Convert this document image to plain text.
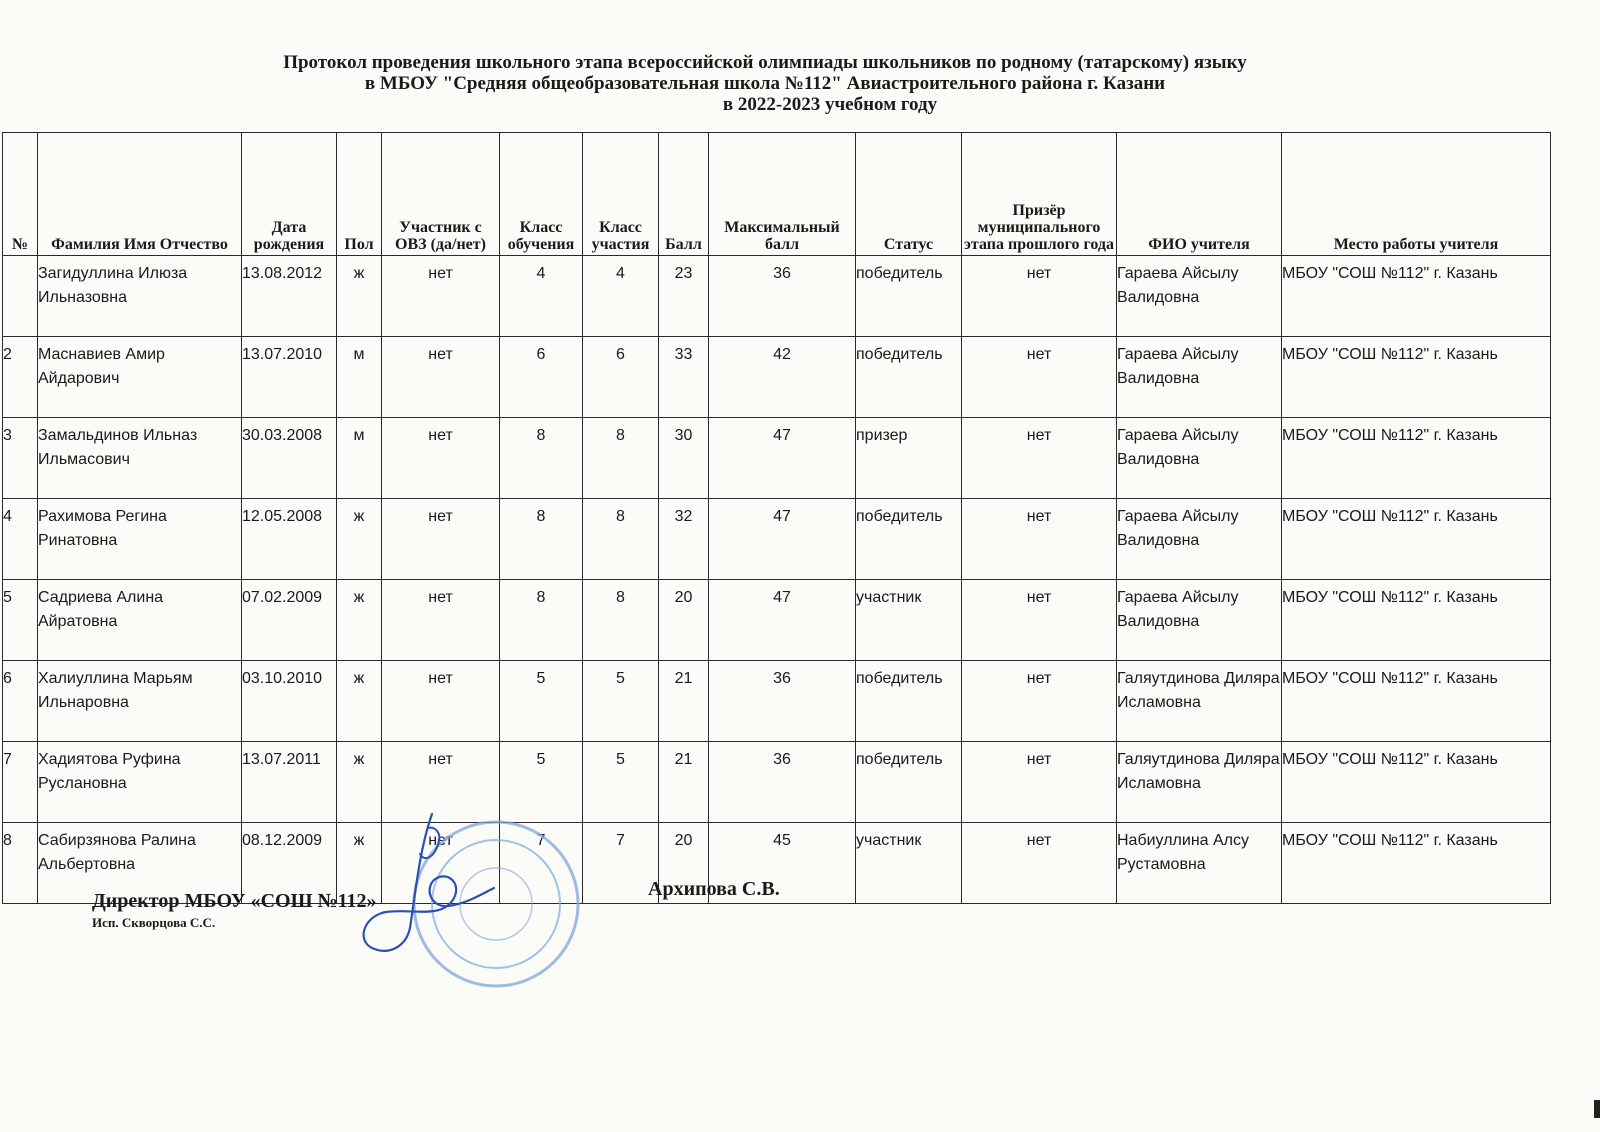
Протокол проведения школьного этапа всероссийской олимпиады школьников по родному (татарскому) языку
в МБОУ "Средняя общеобразовательная школа №112" Авиастроительного района г. Казани
в 2022-2023 учебном году
№	Фамилия Имя Отчество	Дата рождения	Пол	Участник с ОВЗ (да/нет)	Класс обучения	Класс участия	Балл	Максимальный балл	Статус	Призёр муниципального этапа прошлого года	ФИО учителя	Место работы учителя
	Загидуллина Илюза Ильназовна	13.08.2012	ж	нет	4	4	23	36	победитель	нет	Гараева Айсылу Валидовна	МБОУ "СОШ №112" г. Казань
2	Маснавиев Амир Айдарович	13.07.2010	м	нет	6	6	33	42	победитель	нет	Гараева Айсылу Валидовна	МБОУ "СОШ №112" г. Казань
3	Замальдинов Ильназ Ильмасович	30.03.2008	м	нет	8	8	30	47	призер	нет	Гараева Айсылу Валидовна	МБОУ "СОШ №112" г. Казань
4	Рахимова Регина Ринатовна	12.05.2008	ж	нет	8	8	32	47	победитель	нет	Гараева Айсылу Валидовна	МБОУ "СОШ №112" г. Казань
5	Садриева Алина Айратовна	07.02.2009	ж	нет	8	8	20	47	участник	нет	Гараева Айсылу Валидовна	МБОУ "СОШ №112" г. Казань
6	Халиуллина Марьям Ильнаровна	03.10.2010	ж	нет	5	5	21	36	победитель	нет	Галяутдинова Диляра Исламовна	МБОУ "СОШ №112" г. Казань
7	Хадиятова Руфина Руслановна	13.07.2011	ж	нет	5	5	21	36	победитель	нет	Галяутдинова Диляра Исламовна	МБОУ "СОШ №112" г. Казань
8	Сабирзянова Ралина Альбертовна	08.12.2009	ж	нет	7	7	20	45	участник	нет	Набиуллина Алсу Рустамовна	МБОУ "СОШ №112" г. Казань
Директор МБОУ «СОШ №112»
Исп. Скворцова С.С.
Архипова С.В.
